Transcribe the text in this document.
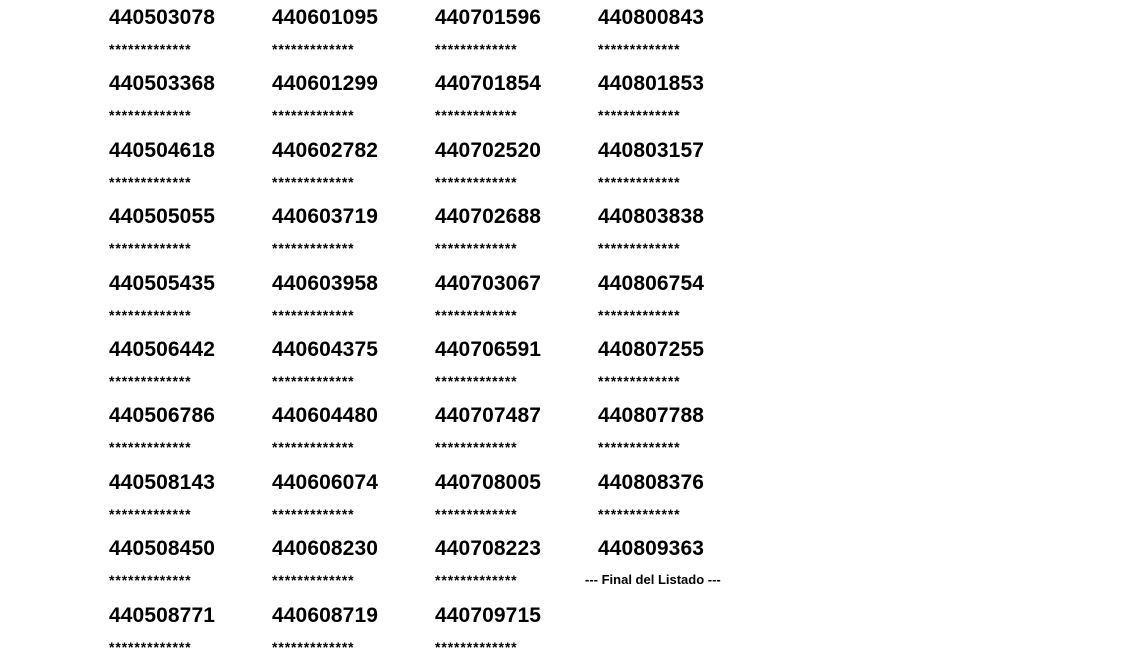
440503078
*************
440503368
*************
440504618
*************
440505055
*************
440505435
*************
440506442
*************
440506786
*************
440508143
*************
440508450
*************
440508771
*************
440601095
*************
440601299
*************
440602782
*************
440603719
*************
440603958
*************
440604375
*************
440604480
*************
440606074
*************
440608230
*************
440608719
*************
440701596
*************
440701854
*************
440702520
*************
440702688
*************
440703067
*************
440706591
*************
440707487
*************
440708005
*************
440708223
*************
440709715
*************
440800843
*************
440801853
*************
440803157
*************
440803838
*************
440806754
*************
440807255
*************
440807788
*************
440808376
*************
440809363
--- Final del Listado ---
